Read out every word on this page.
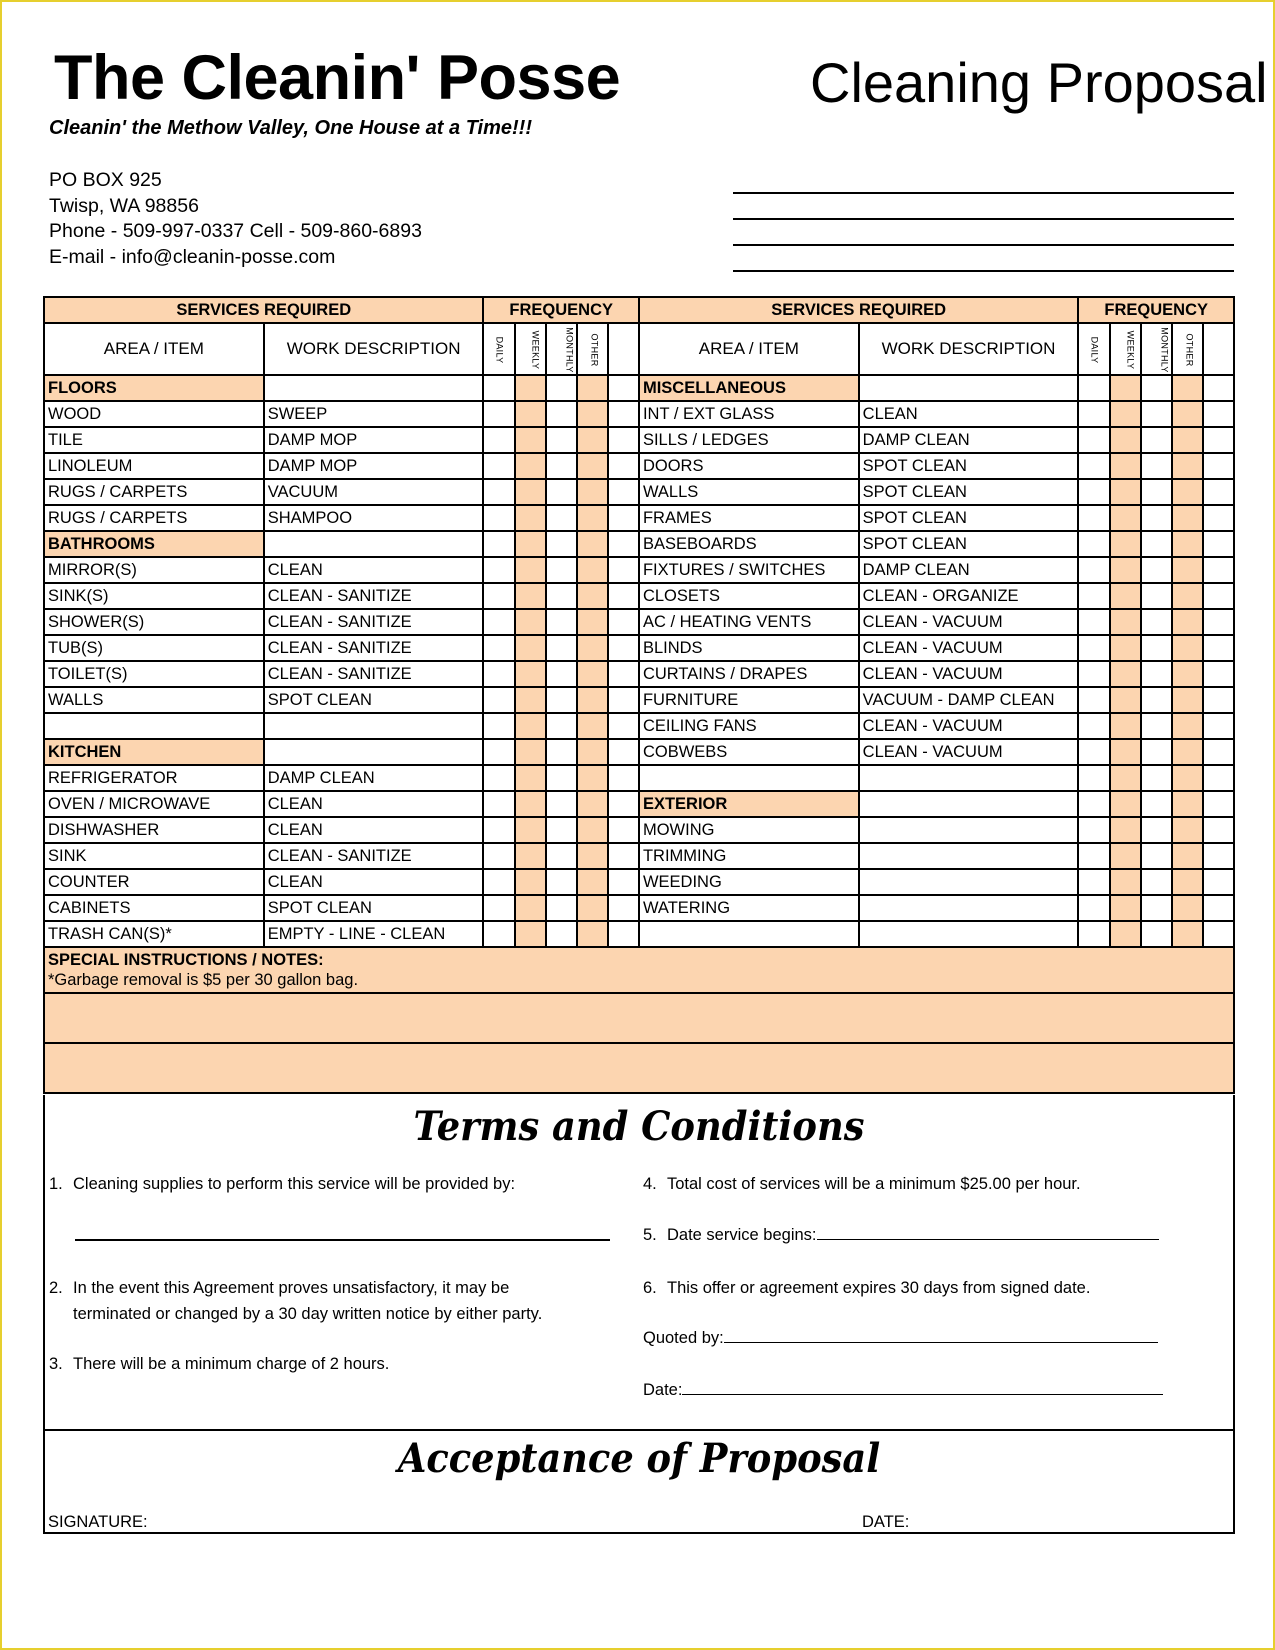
The Cleanin' Posse	Cleaning Proposal
Cleanin' the Methow Valley, One House at a Time!!!
PO BOX 925
Twisp, WA 98856
Phone - 509-997-0337 Cell - 509-860-6893
E-mail - info@cleanin-posse.com
SERVICES REQUIRED		FREQUENCY					SERVICES REQUIRED		FREQUENCY				
AREA / ITEM	WORK DESCRIPTION	DAILY	WEEKLY	MONTHLY	OTHER		AREA / ITEM	WORK DESCRIPTION	DAILY	WEEKLY	MONTHLY	OTHER	
FLOORS							MISCELLANEOUS						
WOOD	SWEEP						INT / EXT GLASS	CLEAN					
TILE	DAMP MOP						SILLS / LEDGES	DAMP CLEAN					
LINOLEUM	DAMP MOP						DOORS	SPOT CLEAN					
RUGS / CARPETS	VACUUM						WALLS	SPOT CLEAN					
RUGS / CARPETS	SHAMPOO						FRAMES	SPOT CLEAN					
BATHROOMS							BASEBOARDS	SPOT CLEAN					
MIRROR(S)	CLEAN						FIXTURES / SWITCHES	DAMP CLEAN					
SINK(S)	CLEAN - SANITIZE						CLOSETS	CLEAN - ORGANIZE					
SHOWER(S)	CLEAN - SANITIZE						AC / HEATING VENTS	CLEAN - VACUUM					
TUB(S)	CLEAN - SANITIZE						BLINDS	CLEAN - VACUUM					
TOILET(S)	CLEAN - SANITIZE						CURTAINS / DRAPES	CLEAN - VACUUM					
WALLS	SPOT CLEAN						FURNITURE	VACUUM - DAMP CLEAN					
							CEILING FANS	CLEAN - VACUUM					
KITCHEN							COBWEBS	CLEAN - VACUUM					
REFRIGERATOR	DAMP CLEAN												
OVEN / MICROWAVE	CLEAN						EXTERIOR						
DISHWASHER	CLEAN						MOWING						
SINK	CLEAN - SANITIZE						TRIMMING						
COUNTER	CLEAN						WEEDING						
CABINETS	SPOT CLEAN						WATERING						
TRASH CAN(S)*	EMPTY - LINE - CLEAN												

SPECIAL INSTRUCTIONS / NOTES:
*Garbage removal is $5 per 30 gallon bag.													

Terms and Conditions
1. Cleaning supplies to perform this service will be provided by:
2. In the event this Agreement proves unsatisfactory, it may be
terminated or changed by a 30 day written notice by either party.
3. There will be a minimum charge of 2 hours.
4. Total cost of services will be a minimum $25.00 per hour.
5. Date service begins:
6. This offer or agreement expires 30 days from signed date.
Quoted by:
Date:
Acceptance of Proposal
SIGNATURE:	DATE:
